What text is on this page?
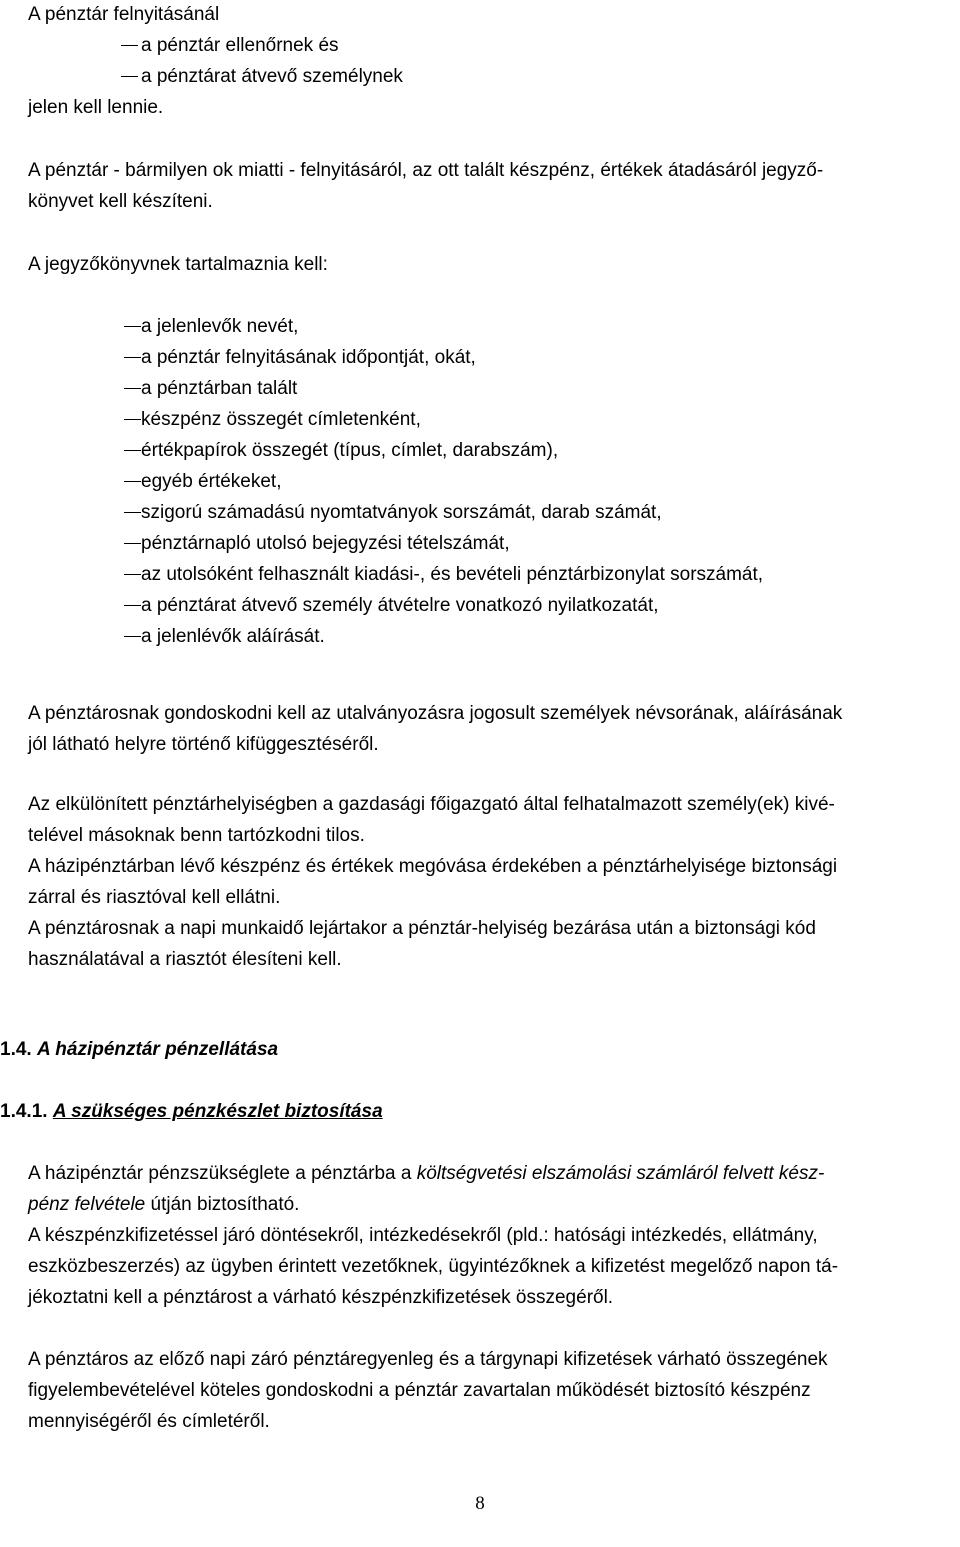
A pénztár felnyitásánál
a pénztár ellenőrnek és
a pénztárat átvevő személynek
jelen kell lennie.
A pénztár - bármilyen ok miatti - felnyitásáról, az ott talált készpénz, értékek átadásáról jegyző-
könyvet kell készíteni.
A jegyzőkönyvnek tartalmaznia kell:
a jelenlevők nevét,
a pénztár felnyitásának időpontját, okát,
a pénztárban talált
készpénz összegét címletenként,
értékpapírok összegét (típus, címlet, darabszám),
egyéb értékeket,
szigorú számadású nyomtatványok sorszámát, darab számát,
pénztárnapló utolsó bejegyzési tételszámát,
az utolsóként felhasznált kiadási-, és bevételi pénztárbizonylat sorszámát,
a pénztárat átvevő személy átvételre vonatkozó nyilatkozatát,
a jelenlévők aláírását.
A pénztárosnak gondoskodni kell az utalványozásra jogosult személyek névsorának, aláírásának
jól látható helyre történő kifüggesztéséről.
Az elkülönített pénztárhelyiségben a gazdasági főigazgató által felhatalmazott személy(ek) kivé-
telével másoknak benn tartózkodni tilos.
A házipénztárban lévő készpénz és értékek megóvása érdekében a pénztárhelyisége biztonsági
zárral és riasztóval kell ellátni.
A pénztárosnak a napi munkaidő lejártakor a pénztár-helyiség bezárása után a biztonsági kód
használatával a riasztót élesíteni kell.
1.4. A házipénztár pénzellátása
1.4.1. A szükséges pénzkészlet biztosítása
A házipénztár pénzszükséglete a pénztárba a költségvetési elszámolási számláról felvett kész-
pénz felvétele útján biztosítható.
A készpénzkifizetéssel járó döntésekről, intézkedésekről (pld.: hatósági intézkedés, ellátmány,
eszközbeszerzés) az ügyben érintett vezetőknek, ügyintézőknek a kifizetést megelőző napon tá-
jékoztatni kell a pénztárost a várható készpénzkifizetések összegéről.
A pénztáros az előző napi záró pénztáregyenleg és a tárgynapi kifizetések várható összegének
figyelembevételével köteles gondoskodni a pénztár zavartalan működését biztosító készpénz
mennyiségéről és címletéről.
8
